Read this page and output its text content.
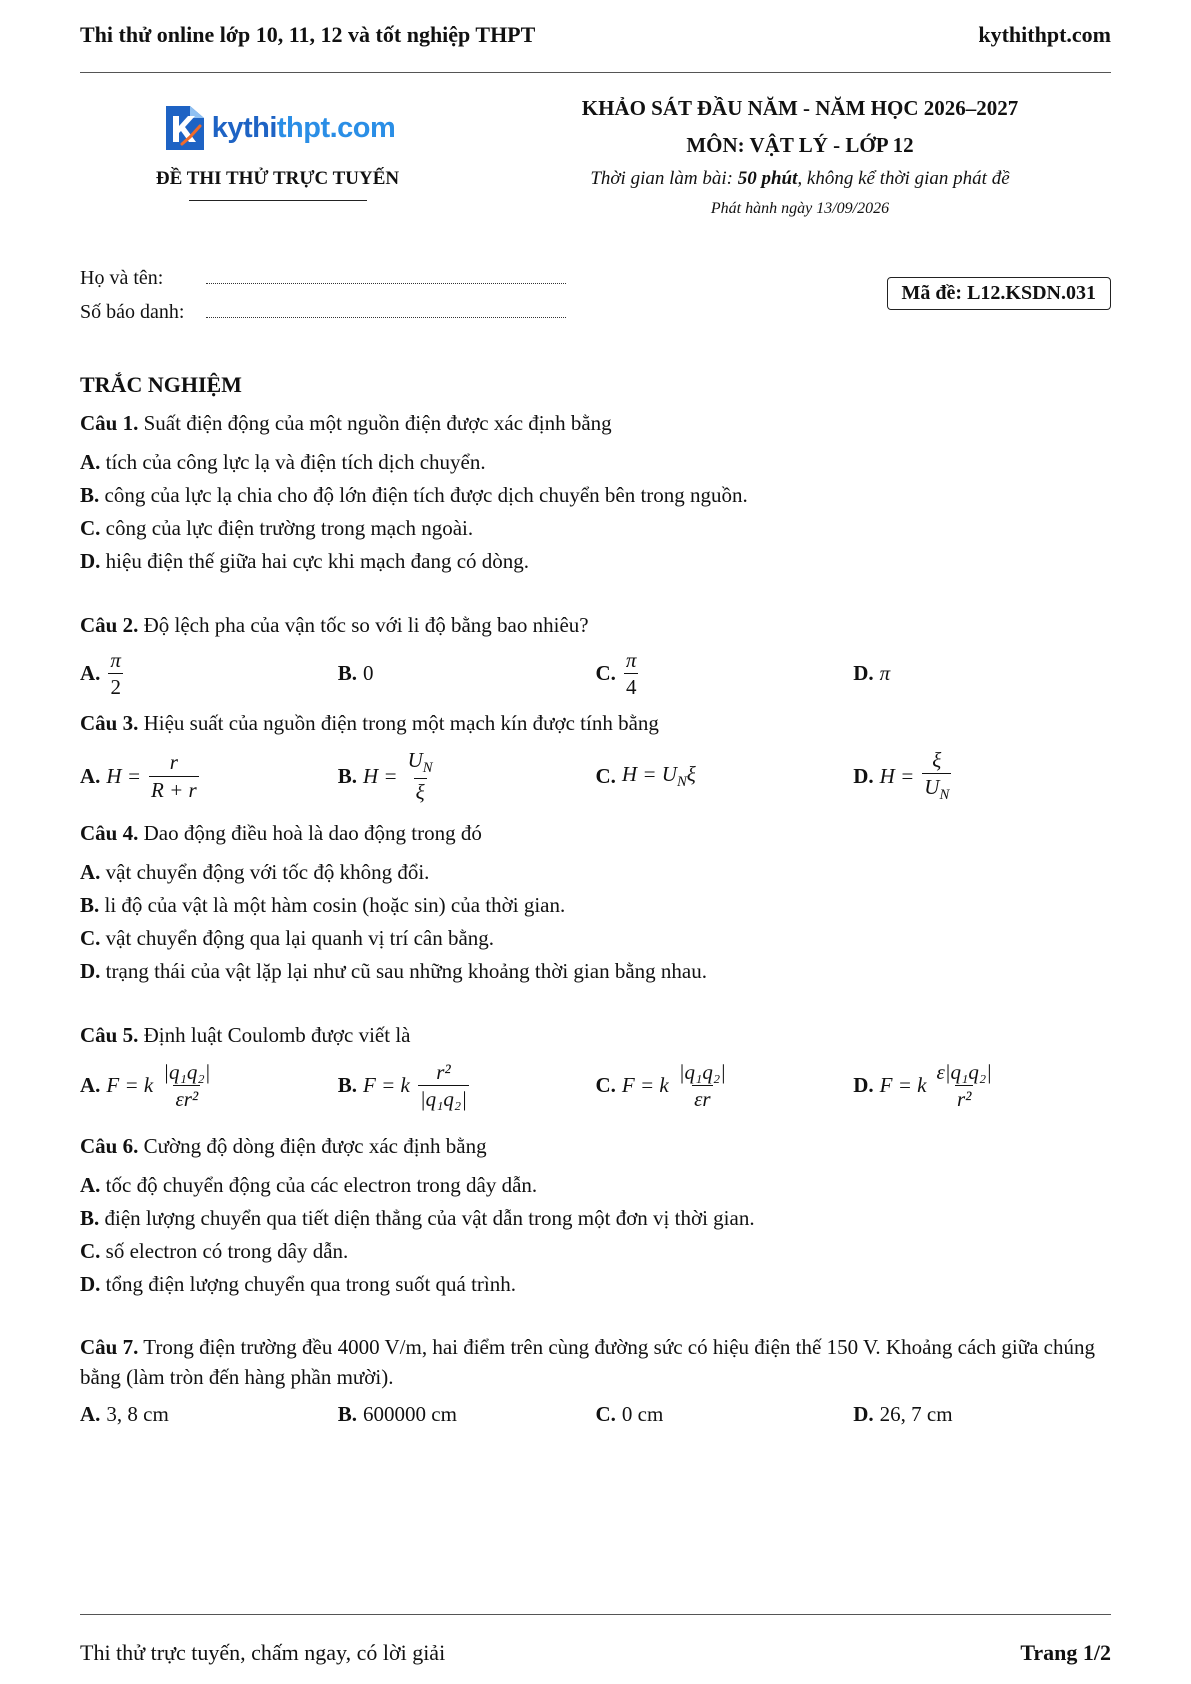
Thi thử online lớp 10, 11, 12 và tốt nghiệp THPT	kythithpt.com
kythithpt.com
ĐỀ THI THỬ TRỰC TUYẾN
KHẢO SÁT ĐẦU NĂM - NĂM HỌC 2026–2027
MÔN: VẬT LÝ - LỚP 12
Thời gian làm bài: 50 phút, không kể thời gian phát đề
Phát hành ngày 13/09/2026
Họ và tên:
Số báo danh:
Mã đề: L12.KSDN.031
TRẮC NGHIỆM
Câu 1. Suất điện động của một nguồn điện được xác định bằng
A. tích của công lực lạ và điện tích dịch chuyển.
B. công của lực lạ chia cho độ lớn điện tích được dịch chuyển bên trong nguồn.
C. công của lực điện trường trong mạch ngoài.
D. hiệu điện thế giữa hai cực khi mạch đang có dòng.
Câu 2. Độ lệch pha của vận tốc so với li độ bằng bao nhiêu?
A. $\frac{\pi}{2}$	B. 0	C. $\frac{\pi}{4}$	D. π
Câu 3. Hiệu suất của nguồn điện trong một mạch kín được tính bằng
A. $H = \frac{r}{R + r}$	B. $H = \frac{U_N}{\xi}$	C. $H = U_N\xi$	D. $H = \frac{\xi}{U_N}$
Câu 4. Dao động điều hoà là dao động trong đó
A. vật chuyển động với tốc độ không đổi.
B. li độ của vật là một hàm cosin (hoặc sin) của thời gian.
C. vật chuyển động qua lại quanh vị trí cân bằng.
D. trạng thái của vật lặp lại như cũ sau những khoảng thời gian bằng nhau.
Câu 5. Định luật Coulomb được viết là
A. F = k $\frac{\text{|q₁q₂|}}{\text{εr²}}$	B. F = k $\frac{\text{r²}}{\text{|q₁q₂|}}$	C. F = k $\frac{\text{|q₁q₂|}}{\varepsilon r}$	D. F = k $\frac{\text{ε|q₁q₂|}}{\text{r²}}$
Câu 6. Cường độ dòng điện được xác định bằng
A. tốc độ chuyển động của các electron trong dây dẫn.
B. điện lượng chuyển qua tiết diện thẳng của vật dẫn trong một đơn vị thời gian.
C. số electron có trong dây dẫn.
D. tổng điện lượng chuyển qua trong suốt quá trình.
Câu 7. Trong điện trường đều 4000 V/m, hai điểm trên cùng đường sức có hiệu điện thế 150 V. Khoảng cách giữa chúng bằng (làm tròn đến hàng phần mười).
A. 3, 8 cm	B. 600000 cm	C. 0 cm	D. 26, 7 cm
Thi thử trực tuyến, chấm ngay, có lời giải	Trang 1/2
